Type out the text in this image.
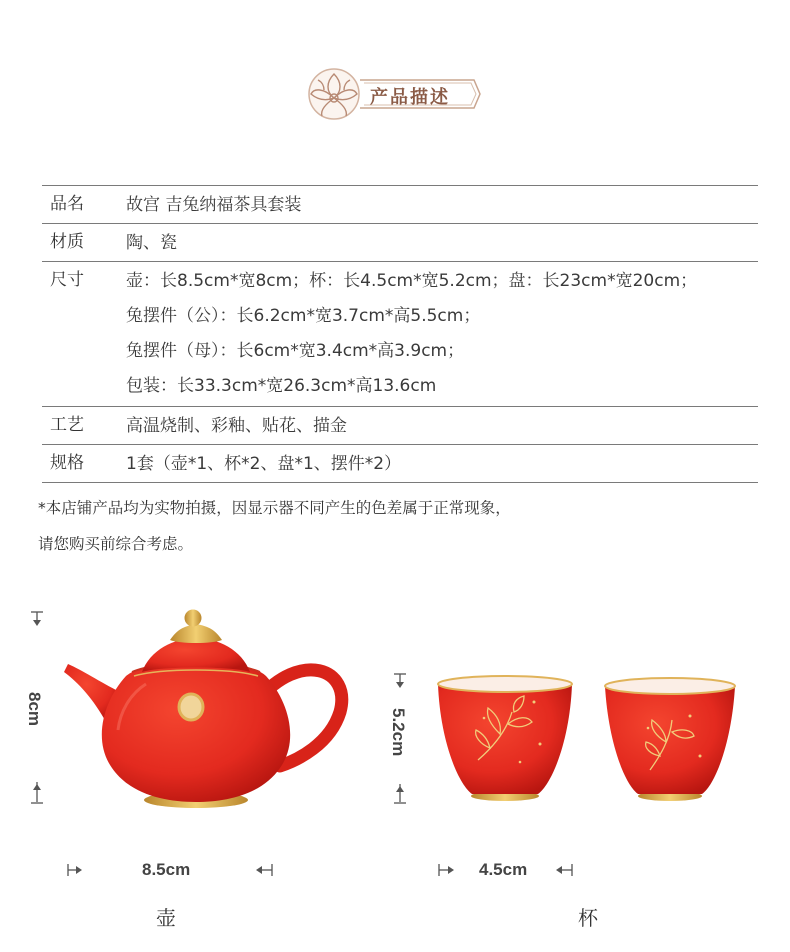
产品描述
品名	故宫 吉兔纳福茶具套装
材质	陶、瓷
尺寸	壶：长8.5cm*宽8cm；杯：长4.5cm*宽5.2cm；盘：长23cm*宽20cm；
兔摆件（公）：长6.2cm*宽3.7cm*高5.5cm；
兔摆件（母）：长6cm*宽3.4cm*高3.9cm；
包装：长33.3cm*宽26.3cm*高13.6cm
工艺	高温烧制、彩釉、贴花、描金
规格	1套（壶*1、杯*2、盘*1、摆件*2）
*本店铺产品均为实物拍摄，因显示器不同产生的色差属于正常现象，
请您购买前综合考虑。
8cm
8.5cm
5.2cm
4.5cm
壶	杯
